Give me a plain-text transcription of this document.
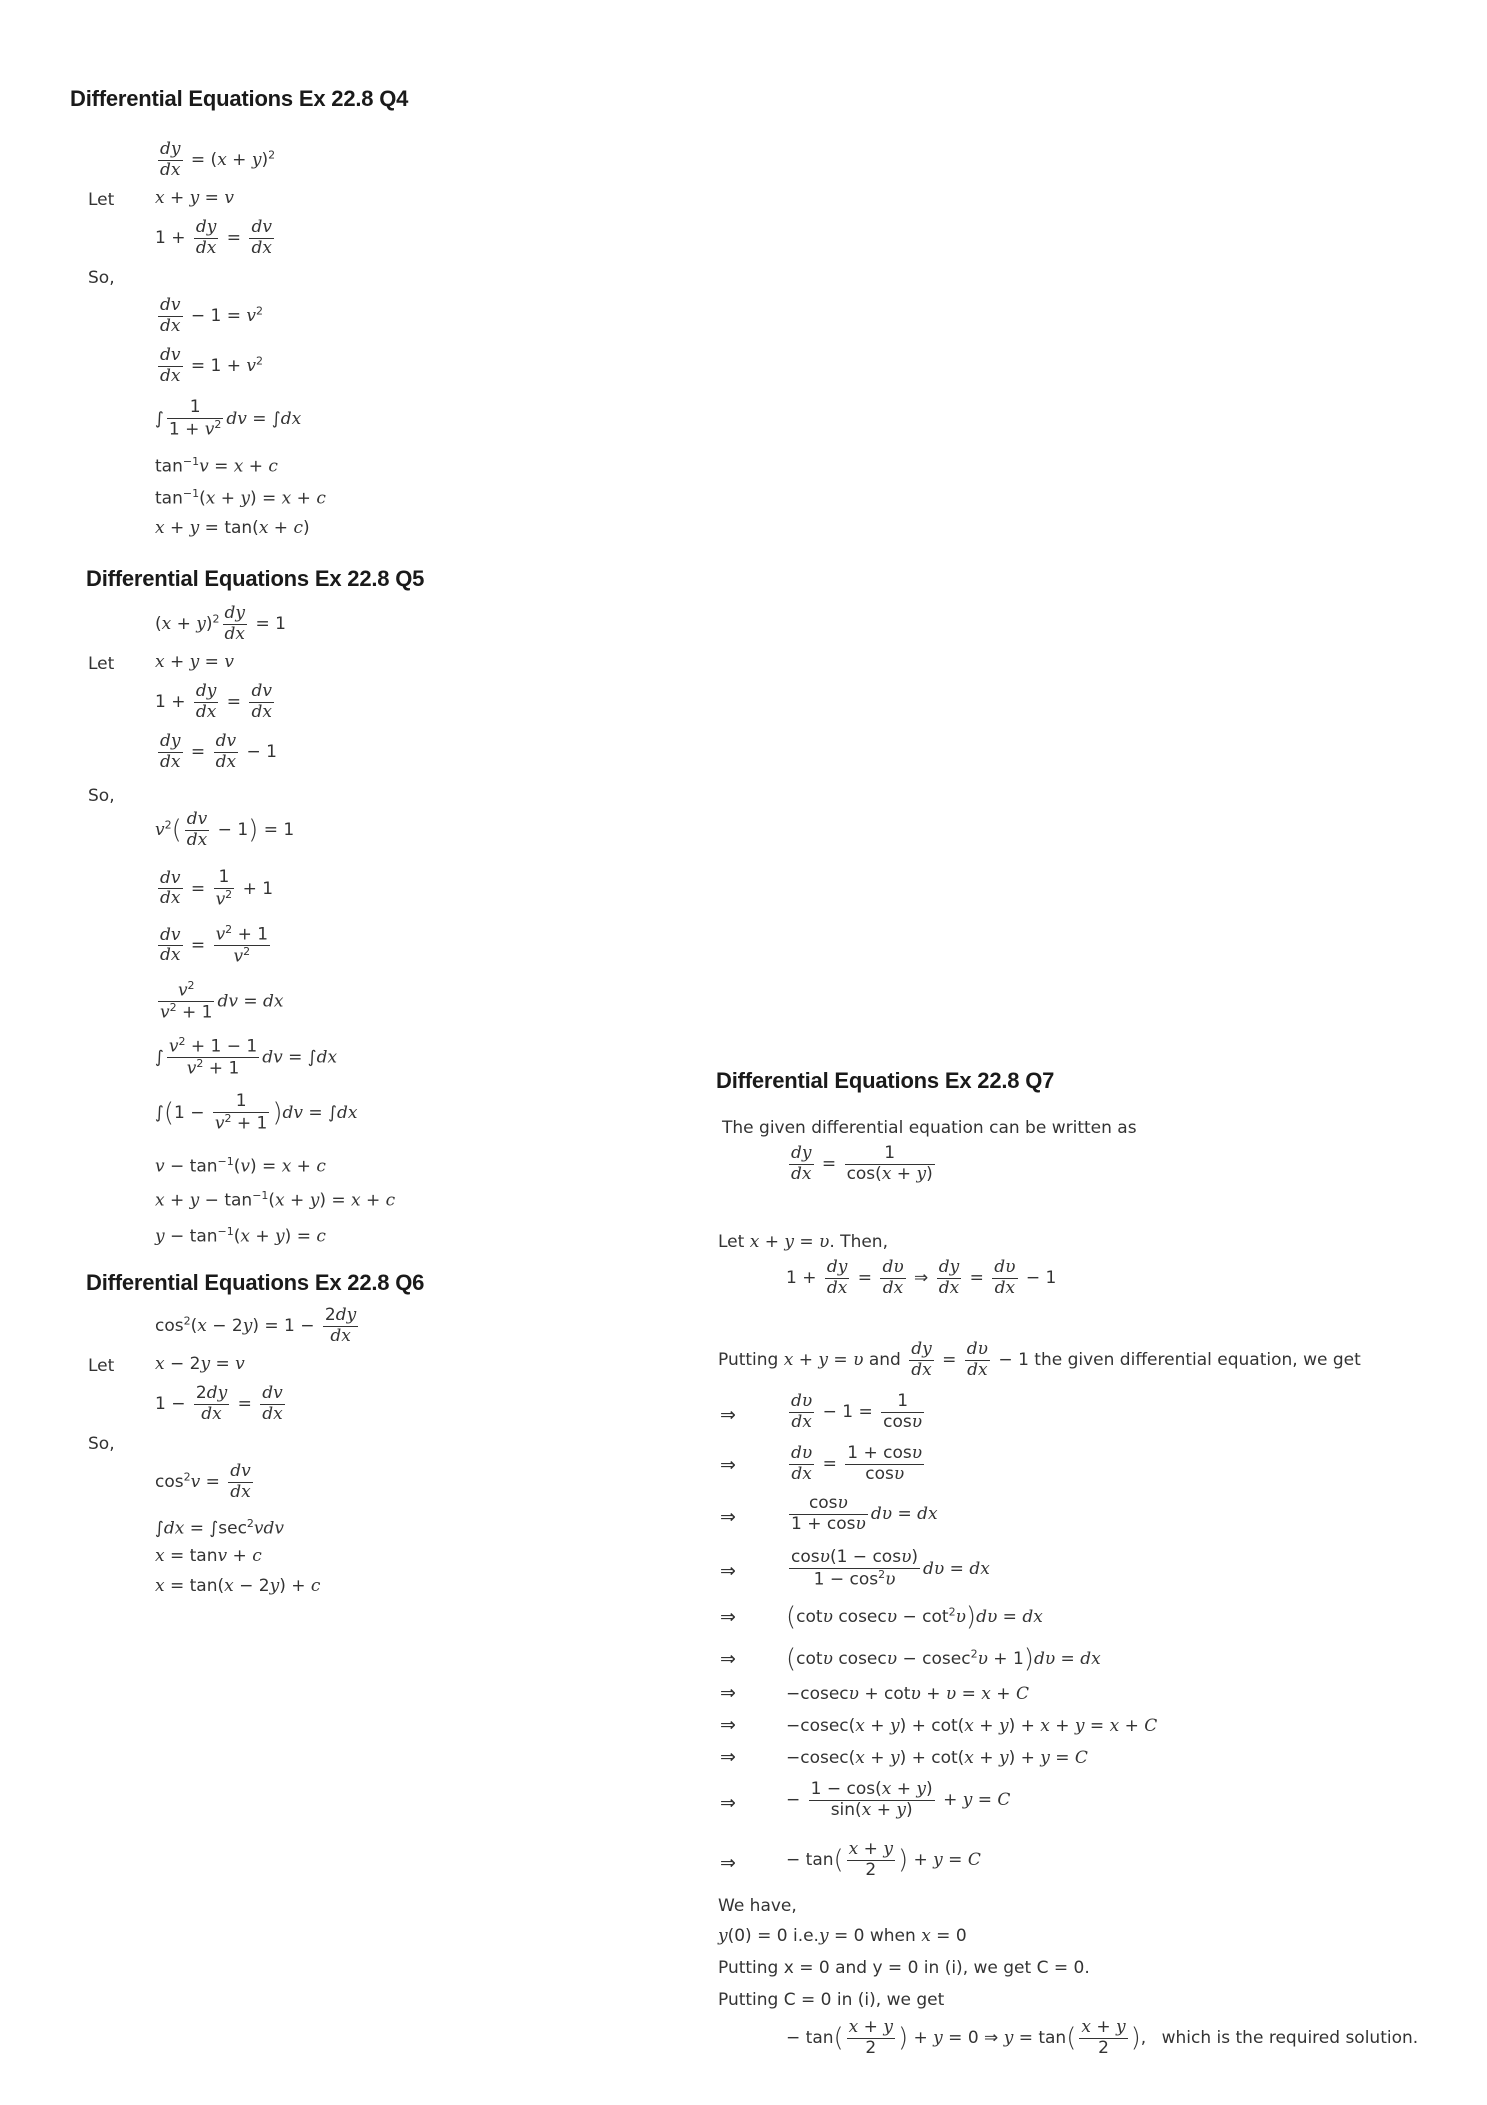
Differential Equations Ex 22.8 Q4
$\frac{dy}{dx} = (x + y)^2$
Let x + y = v
$1 + \frac{dy}{dx} = \frac{dv}{dx}$
So,
$\frac{dv}{dx} - 1 = v^2$
$\frac{dv}{dx} = 1 + v^2$
∫ $\frac{1}{1 + v^2}$ dv = ∫dx
$\tan^{-1}v = x + c$
$\tan^{-1}(x + y) = x + c$
x + y = tan(x + c)
Differential Equations Ex 22.8 Q5
$(x + y)^2 \frac{dy}{dx} = 1$
Let x + y = v
$1 + \frac{dy}{dx} = \frac{dv}{dx}$
$\frac{dy}{dx} = \frac{dv}{dx} - 1$
So,
$v^2( \frac{dv}{dx} - 1) = 1$
$\frac{dv}{dx} = \frac{1}{v^2} + 1$
$\frac{dv}{dx} = \frac{v^2 + 1}{v^2}$
$\frac{v^2}{v^2 + 1}$ dv = dx
∫ $\frac{v^2 + 1 - 1}{v^2 + 1}$ dv = ∫dx
$\int(1 - \frac{1}{v^2 + 1} )dv = \int dx$
$v - \tan^{-1}(v) = x + c$
$x + y - \tan^{-1}(x + y) = x + c$
$y - \tan^{-1}(x + y) = c$
Differential Equations Ex 22.8 Q6
$\cos^2(x - 2y) = 1 - \frac{2dy}{dx}$
Let x − 2y = v
$1 - \frac{2dy}{dx} = \frac{dv}{dx}$
So,
$\cos^2v = \frac{dv}{dx}$
$\int dx = \int\sec^2vdv$
x = tanv + c
x = tan(x − 2y) + c
Differential Equations Ex 22.8 Q7
The given differential equation can be written as
$\frac{dy}{dx} = \frac{1}{\cos(x + y)}$
Let x + y = υ. Then,
$1 + \frac{dy}{dx} = \frac{d\upsilon}{dx}$ ⇒ $\frac{dy}{dx} = \frac{d\upsilon}{dx} - 1$
Putting x + y = υ and $\frac{dy}{dx} = \frac{d\upsilon}{dx} - 1$ the given differential equation, we get
⇒	$\frac{d\upsilon}{dx} - 1 = \frac{1}{\cos\upsilon}$
⇒	$\frac{d\upsilon}{dx} = \frac{1 + \cos\upsilon}{\cos\upsilon}$
⇒	$\frac{\cos\upsilon}{1 + \cos\upsilon}$ dυ = dx
⇒	$\frac{\cos\upsilon(1 - \cos\upsilon)}{1 - \cos^2\upsilon}$ dυ = dx
⇒ (cotυ $cosec\upsilon - \cot^2\upsilon)d\upsilon$ = dx
⇒ (cotυ cosecυ − cosec$^2$υ + 1)dυ = dx
⇒	−cosecυ + cotυ + υ = x + C
⇒	−cosec(x + y) + cot(x + y) + x + y = x + C
⇒	−cosec(x + y) + cot(x + y) + y = C
⇒	− $\frac{1 - \cos(x + y)}{\sin(x + y)} + y = C$
⇒	− $\tan( \frac{x + y}{2}$ ) + y = C
We have,
y(0) = 0 i.e.y = 0 when x = 0
Putting x = 0 and y = 0 in (i), we get C = 0.
Putting C = 0 in (i), we get
− $\tan( \frac{x + y}{2}$ ) + y = 0 ⇒ $y = \tan( \frac{x + y}{2}$ ), which is the required solution.
